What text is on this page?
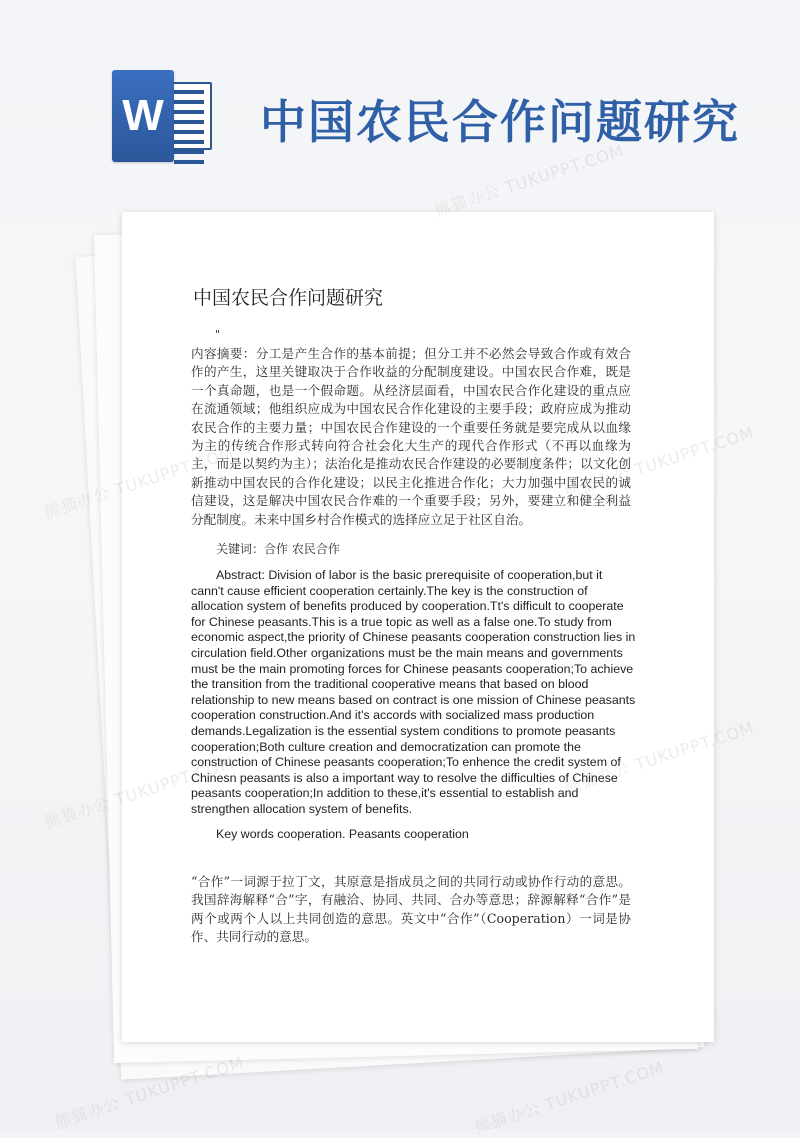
W 中国农民合作问题研究
中国农民合作问题研究
"

内容摘要：分工是产生合作的基本前提；但分工并不必然会导致合作或有效合作的产生，这里关键取决于合作收益的分配制度建设。中国农民合作难，既是一个真命题，也是一个假命题。从经济层面看，中国农民合作化建设的重点应在流通领域；他组织应成为中国农民合作化建设的主要手段；政府应成为推动农民合作的主要力量；中国农民合作建设的一个重要任务就是要完成从以血缘为主的传统合作形式转向符合社会化大生产的现代合作形式（不再以血缘为主，而是以契约为主）；法治化是推动农民合作建设的必要制度条件；以文化创新推动中国农民的合作化建设；以民主化推进合作化；大力加强中国农民的诚信建设，这是解决中国农民合作难的一个重要手段；另外，要建立和健全利益分配制度。未来中国乡村合作模式的选择应立足于社区自治。

关键词：合作 农民合作

Abstract: Division of labor is the basic prerequisite of cooperation,but it cann't cause efficient cooperation certainly.The key is the construction of allocation system of benefits produced by cooperation.Tt's difficult to cooperate for Chinese peasants.This is a true topic as well as a false one.To study from economic aspect,the priority of Chinese peasants cooperation construction lies in circulation field.Other organizations must be the main means and governments must be the main promoting forces for Chinese peasants cooperation;To achieve the transition from the traditional cooperative means that based on blood relationship to new means based on contract is one mission of Chinese peasants cooperation construction.And it's accords with socialized mass production demands.Legalization is the essential system conditions to promote peasants cooperation;Both culture creation and democratization can promote the construction of Chinese peasants cooperation;To enhence the credit system of Chinesn peasants is also a important way to resolve the difficulties of Chinese peasants cooperation;In addition to these,it's essential to establish and strengthen allocation system of benefits.

Key words cooperation. Peasants cooperation

“合作”一词源于拉丁文，其原意是指成员之间的共同行动或协作行动的意思。我国辞海解释“合”字，有融洽、协同、共同、合办等意思；辞源解释“合作”是两个或两个人以上共同创造的意思。英文中“合作”（Cooperation）一词是协作、共同行动的意思。

熊猫办公 TUKUPPT.COM
熊猫办公
熊猫办公
熊猫办公 TUKUPPT.COM	熊猫办公 TUKUPPT.COM
